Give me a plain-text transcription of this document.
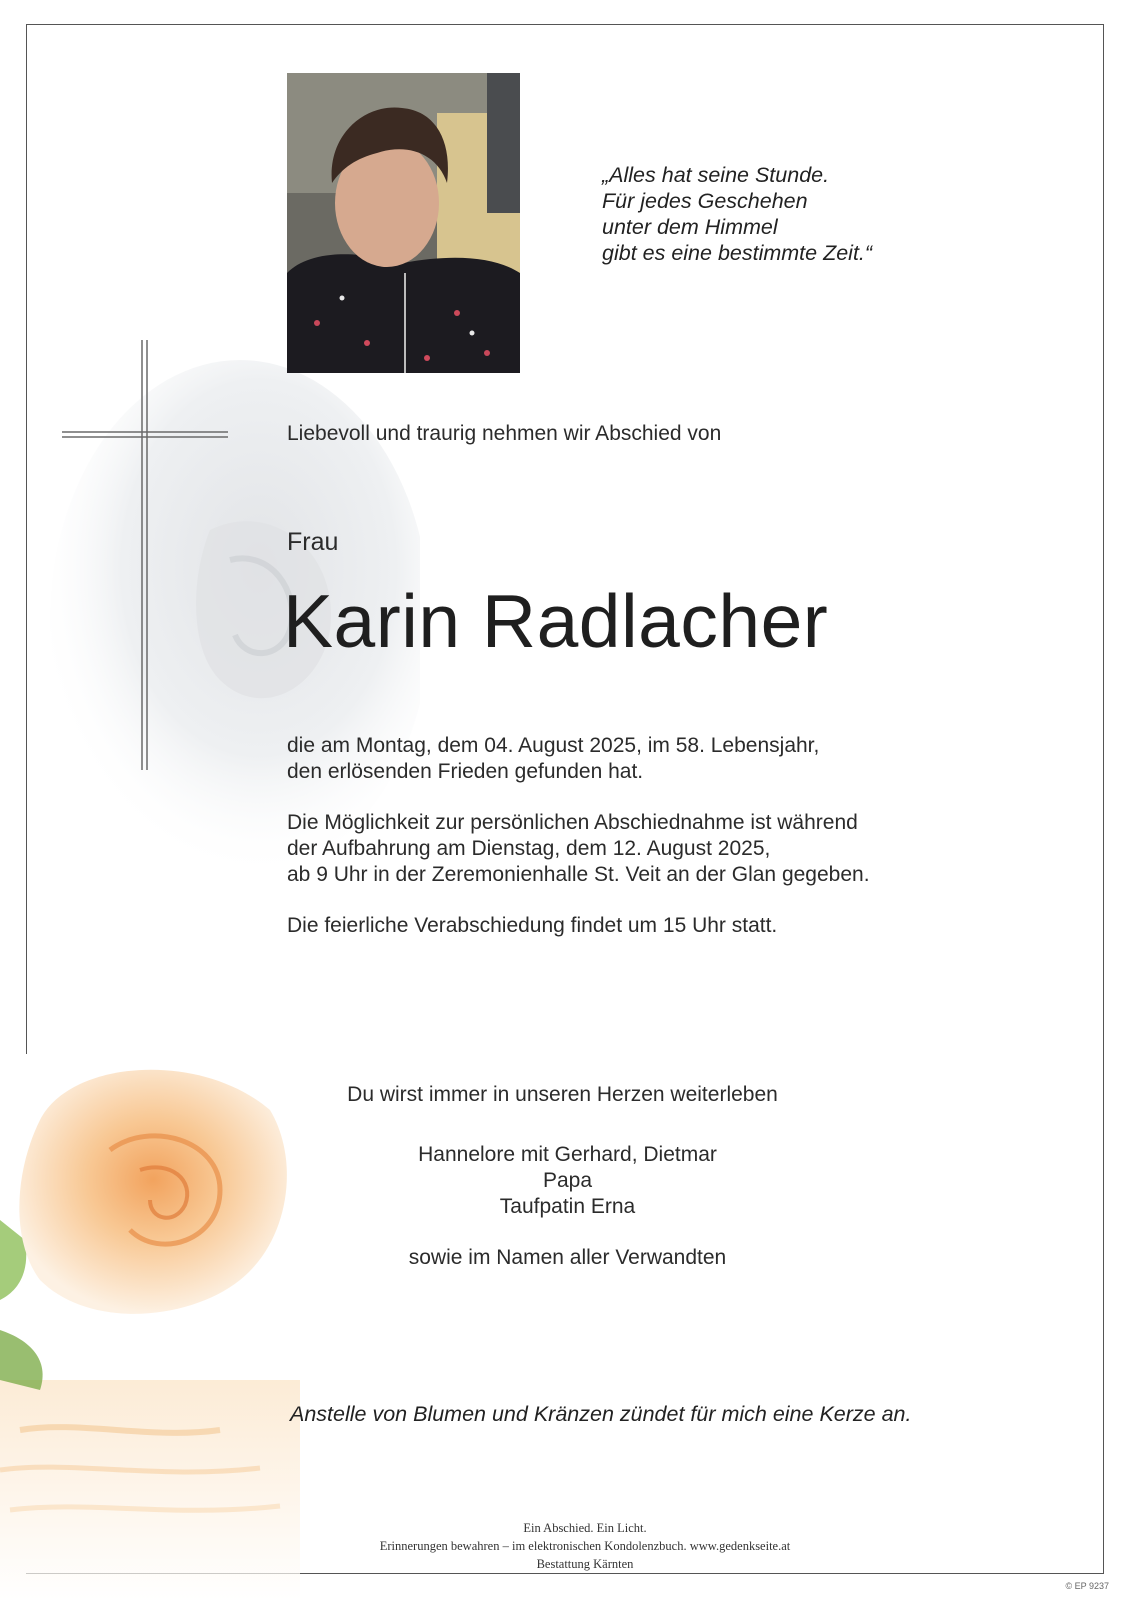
„Alles hat seine Stunde.
Für jedes Geschehen
unter dem Himmel
gibt es eine bestimmte Zeit.“
Liebevoll und traurig nehmen wir Abschied von
Frau
Karin Radlacher
die am Montag, dem 04. August 2025, im 58. Lebensjahr,
den erlösenden Frieden gefunden hat.
Die Möglichkeit zur persönlichen Abschiednahme ist während
der Aufbahrung am Dienstag, dem 12. August 2025,
ab 9 Uhr in der Zeremonienhalle St. Veit an der Glan gegeben.
Die feierliche Verabschiedung findet um 15 Uhr statt.
Du wirst immer in unseren Herzen weiterleben
Hannelore mit Gerhard, Dietmar
Papa
Taufpatin Erna
sowie im Namen aller Verwandten
Anstelle von Blumen und Kränzen zündet für mich eine Kerze an.
Ein Abschied. Ein Licht.
Erinnerungen bewahren – im elektronischen Kondolenzbuch. www.gedenkseite.at
Bestattung Kärnten
© EP 9237
